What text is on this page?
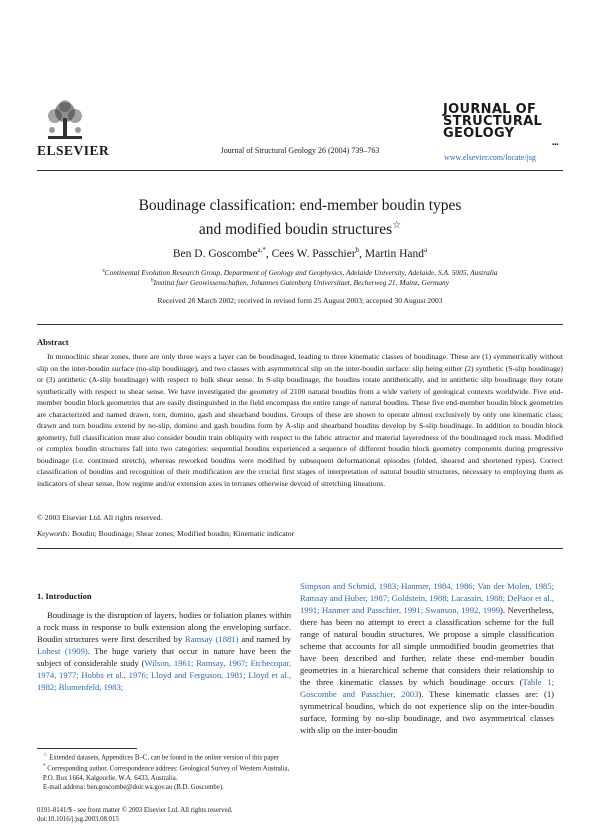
ELSEVIER	Journal of Structural Geology 26 (2004) 739–763
JOURNAL OF
STRUCTURAL
GEOLOGY
▪▪▪
www.elsevier.com/locate/jsg
Boudinage classification: end-member boudin types
and modified boudin structures☆
Ben D. Goscombe$^{a,*}$, Cees W. Passchier$^b$, Martin Hand$^a$
$^a$Continental Evolution Research Group, Department of Geology and Geophysics, Adelaide University, Adelaide, S.A. 5005, Australia
$^b$Institut fuer Geowissenschaften, Johannes Gutenberg Universitaet, Becherweg 21, Mainz, Germany
Received 28 March 2002; received in revised form 25 August 2003; accepted 30 August 2003
Abstract
In monoclinic shear zones, there are only three ways a layer can be boudinaged, leading to three kinematic classes of boudinage. These are (1) symmetrically without slip on the inter-boudin surface (no-slip boudinage), and two classes with asymmetrical slip on the inter-boudin surface: slip being either (2) synthetic (S-slip boudinage) or (3) antithetic (A-slip boudinage) with respect to bulk shear sense. In S-slip boudinage, the boudins rotate antithetically, and in antithetic slip boudinage they rotate synthetically with respect to shear sense. We have investigated the geometry of 2100 natural boudins from a wide variety of geological contexts worldwide. Five end-member boudin block geometries that are easily distinguished in the field encompass the entire range of natural boudins. These five end-member boudin block geometries are characterized and named drawn, torn, domino, gash and shearband boudins. Groups of these are shown to operate almost exclusively by only one kinematic class; drawn and torn boudins extend by no-slip, domino and gash boudins form by A-slip and shearband boudins develop by S-slip boudinage. In addition to boudin block geometry, full classification must also consider boudin train obliquity with respect to the fabric attractor and material layeredness of the boudinaged rock mass. Modified or complex boudin structures fall into two categories: sequential boudins experienced a sequence of different boudin block geometry components during progressive boudinage (i.e. continued stretch), whereas reworked boudins were modified by subsequent deformational episodes (folded, sheared and shortened types). Correct classification of boudins and recognition of their modification are the crucial first stages of interpretation of natural boudin structures, necessary to employing them as indicators of shear sense, flow regime and/or extension axes in terranes otherwise devoid of stretching lineations.
© 2003 Elsevier Ltd. All rights reserved.
Keywords: Boudin; Boudinage; Shear zones; Modified boudin; Kinematic indicator
1. Introduction
Boudinage is the disruption of layers, bodies or foliation planes within a rock mass in response to bulk extension along the enveloping surface. Boudin structures were first described by Ramsay (1881) and named by Lohest (1909). The huge variety that occur in nature have been the subject of considerable study (Wilson, 1961; Ramsay, 1967; Etchecopar, 1974, 1977; Hobbs et al., 1976; Lloyd and Ferguson, 1981; Lloyd et al., 1982; Blumenfeld, 1983;
Simpson and Schmid, 1983; Hanmer, 1984, 1986; Van der Molen, 1985; Ramsay and Huber, 1987; Goldstein, 1988; Lacassin, 1988; DePaor et al., 1991; Hanmer and Passchier, 1991; Swanson, 1992, 1999). Nevertheless, there has been no attempt to erect a classification scheme for the full range of natural boudin structures. We propose a simple classification scheme that accounts for all simple unmodified boudin geometries that have been described and further, relate these end-member boudin geometries in a hierarchical scheme that considers their relationship to the three kinematic classes by which boudinage occurs (Table 1; Goscombe and Passchier, 2003). These kinematic classes are: (1) symmetrical boudins, which do not experience slip on the inter-boudin surface, forming by no-slip boudinage, and two asymmetrical classes with slip on the inter-boudin
☆ Extended datasets, Appendices B–C, can be found in the online version of this paper
* Corresponding author. Correspondence address: Geological Survey of Western Australia, P.O. Box 1664, Kalgoorlie, W.A. 6433, Australia.
E-mail address: ben.goscombe@doir.wa.gov.au (B.D. Goscombe).
0191-8141/$ - see front matter © 2003 Elsevier Ltd. All rights reserved.
doi:10.1016/j.jsg.2003.08.015
